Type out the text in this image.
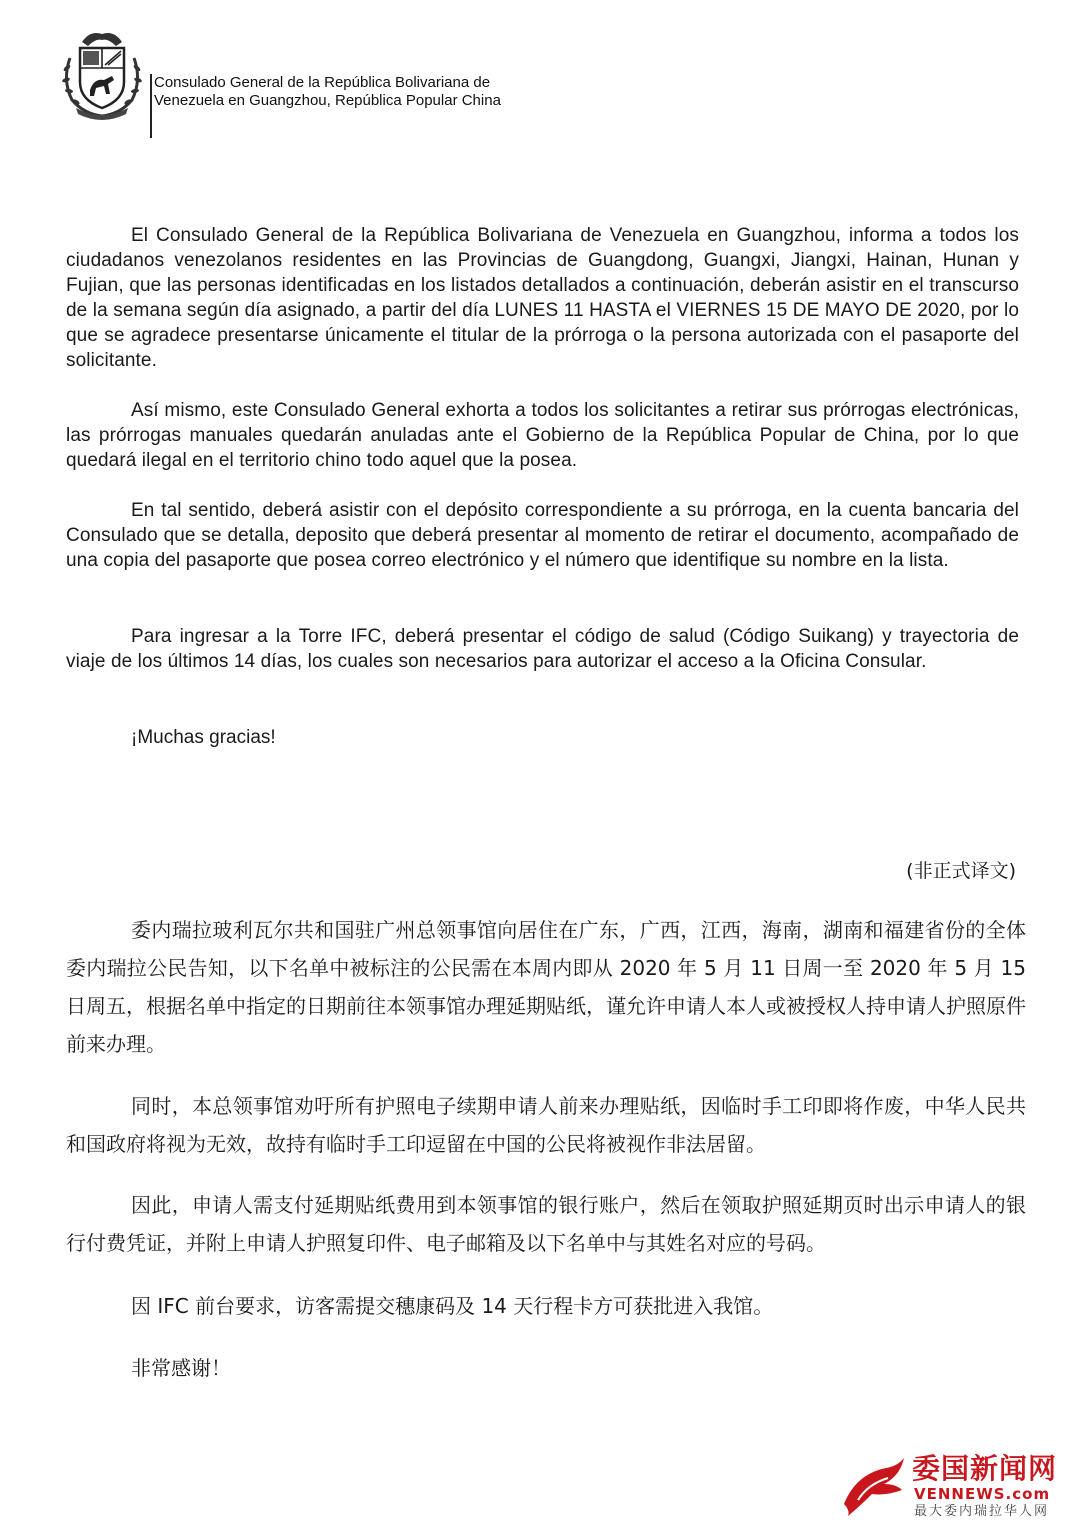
Consulado General de la República Bolivariana de
Venezuela en Guangzhou, República Popular China
El Consulado General de la República Bolivariana de Venezuela en Guangzhou, informa a todos los ciudadanos venezolanos residentes en las Provincias de Guangdong, Guangxi, Jiangxi, Hainan, Hunan y Fujian, que las personas identificadas en los listados detallados a continuación, deberán asistir en el transcurso de la semana según día asignado, a partir del día LUNES 11 HASTA el VIERNES 15 DE MAYO DE 2020, por lo que se agradece presentarse únicamente el titular de la prórroga o la persona autorizada con el pasaporte del solicitante.
Así mismo, este Consulado General exhorta a todos los solicitantes a retirar sus prórrogas electrónicas, las prórrogas manuales quedarán anuladas ante el Gobierno de la República Popular de China, por lo que quedará ilegal en el territorio chino todo aquel que la posea.
En tal sentido, deberá asistir con el depósito correspondiente a su prórroga, en la cuenta bancaria del Consulado que se detalla, deposito que deberá presentar al momento de retirar el documento, acompañado de una copia del pasaporte que posea correo electrónico y el número que identifique su nombre en la lista.
Para ingresar a la Torre IFC, deberá presentar el código de salud (Código Suikang) y trayectoria de viaje de los últimos 14 días, los cuales son necesarios para autorizar el acceso a la Oficina Consular.

¡Muchas gracias!

(非正式译文)

委内瑞拉玻利瓦尔共和国驻广州总领事馆向居住在广东，广西，江西，海南，湖南和福建省份的全体委内瑞拉公民告知，以下名单中被标注的公民需在本周内即从 2020 年 5 月 11 日周一至 2020 年 5 月 15 日周五，根据名单中指定的日期前往本领事馆办理延期贴纸，谨允许申请人本人或被授权人持申请人护照原件前来办理。

同时，本总领事馆劝吁所有护照电子续期申请人前来办理贴纸，因临时手工印即将作废，中华人民共和国政府将视为无效，故持有临时手工印逗留在中国的公民将被视作非法居留。

因此，申请人需支付延期贴纸费用到本领事馆的银行账户，然后在领取护照延期页时出示申请人的银行付费凭证，并附上申请人护照复印件、电子邮箱及以下名单中与其姓名对应的号码。

因 IFC 前台要求，访客需提交穗康码及 14 天行程卡方可获批进入我馆。

非常感谢！

委国新闻网
VENNEWS.com
最大委内瑞拉华人网
